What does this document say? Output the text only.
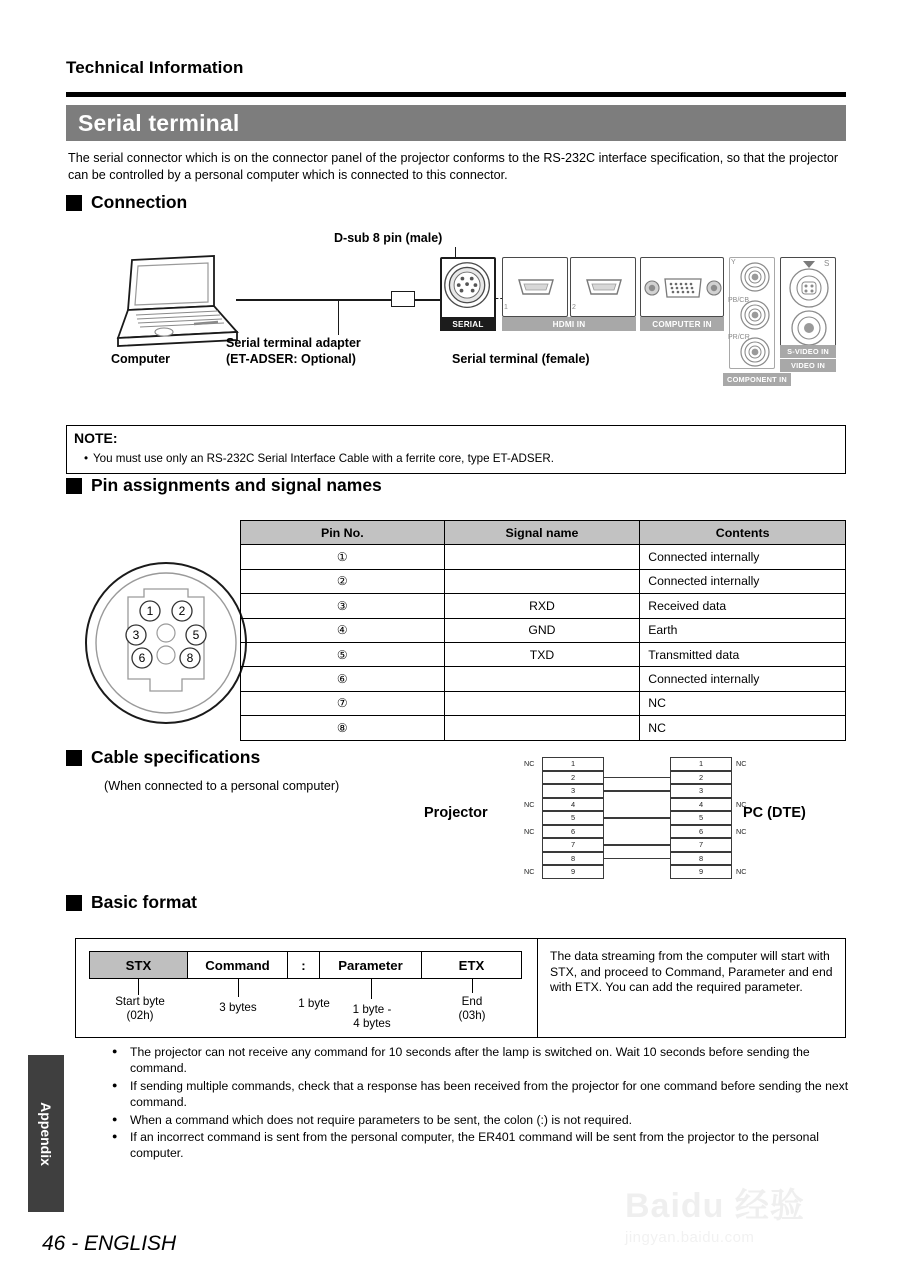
Technical Information
Serial terminal
The serial connector which is on the connector panel of the projector conforms to the RS-232C interface specification, so that the projector can be controlled by a personal computer which is connected to this connector.
Connection
D-sub 8 pin (male)
Serial terminal adapter
(ET-ADSER: Optional)
Computer	Serial terminal (female)
SERIAL
1	2
HDMI IN	COMPUTER IN
Y
PB/CB
PR/CR
COMPONENT IN
S
S-VIDEO IN
VIDEO IN
NOTE:
• You must use only an RS-232C Serial Interface Cable with a ferrite core, type ET-ADSER.
Pin assignments and signal names
1 2
3	5
6	8
Pin No.	Signal name	Contents
①		Connected internally
②		Connected internally
③	RXD	Received data
④	GND	Earth
⑤	TXD	Transmitted data
⑥		Connected internally
⑦		NC
⑧		NC
Cable specifications
(When connected to a personal computer)
Projector	PC (DTE)
1
2
3
4
5
6
7
8
9
1
2
3
4
5
6
7
8
9
NC
NC
NC
NC
NC
NC
NC
NC
Basic format
STX	Command	:	Parameter	ETX
Start byte
(02h)
3 bytes	1 byte	1 byte -
4 bytes
End
(03h)
The data streaming from the computer will start with STX, and proceed to Command, Parameter and end with ETX. You can add the required parameter.
● The projector can not receive any command for 10 seconds after the lamp is switched on. Wait 10 seconds before sending the command.
● If sending multiple commands, check that a response has been received from the projector for one command before sending the next command.
● When a command which does not require parameters to be sent, the colon (:) is not required.
● If an incorrect command is sent from the personal computer, the ER401 command will be sent from the projector to the personal computer.
Appendix
46 - ENGLISH
Baidu 经验
jingyan.baidu.com
